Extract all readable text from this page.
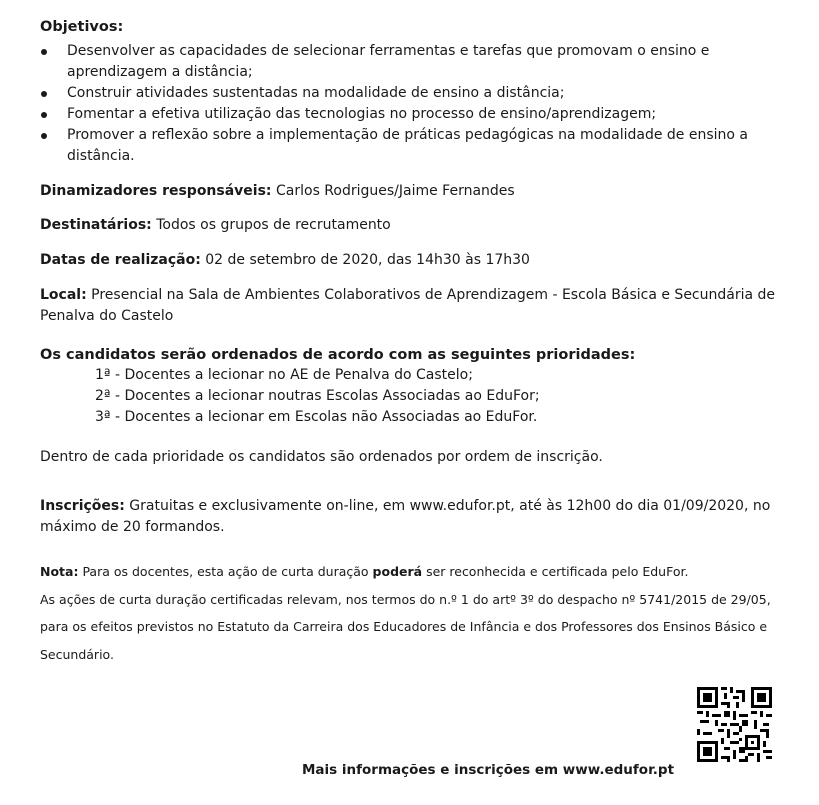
Objetivos:

Desenvolver as capacidades de selecionar ferramentas e tarefas que promovam o ensino e aprendizagem a distância;
Construir atividades sustentadas na modalidade de ensino a distância;
Fomentar a efetiva utilização das tecnologias no processo de ensino/aprendizagem;
Promover a reflexão sobre a implementação de práticas pedagógicas na modalidade de ensino a distância.

Dinamizadores responsáveis: Carlos Rodrigues/Jaime Fernandes

Destinatários: Todos os grupos de recrutamento

Datas de realização: 02 de setembro de 2020, das 14h30 às 17h30

Local: Presencial na Sala de Ambientes Colaborativos de Aprendizagem - Escola Básica e Secundária de Penalva do Castelo

Os candidatos serão ordenados de acordo com as seguintes prioridades:

1ª - Docentes a lecionar no AE de Penalva do Castelo;
2ª - Docentes a lecionar noutras Escolas Associadas ao EduFor;
3ª - Docentes a lecionar em Escolas não Associadas ao EduFor.

Dentro de cada prioridade os candidatos são ordenados por ordem de inscrição.

Inscrições: Gratuitas e exclusivamente on-line, em www.edufor.pt, até às 12h00 do dia 01/09/2020, no máximo de 20 formandos.

Nota: Para os docentes, esta ação de curta duração poderá ser reconhecida e certificada pelo EduFor.

As ações de curta duração certificadas relevam, nos termos do n.º 1 do artº 3º do despacho nº 5741/2015 de 29/05, para os efeitos previstos no Estatuto da Carreira dos Educadores de Infância e dos Professores dos Ensinos Básico e Secundário.

Mais informações e inscrições em www.edufor.pt
